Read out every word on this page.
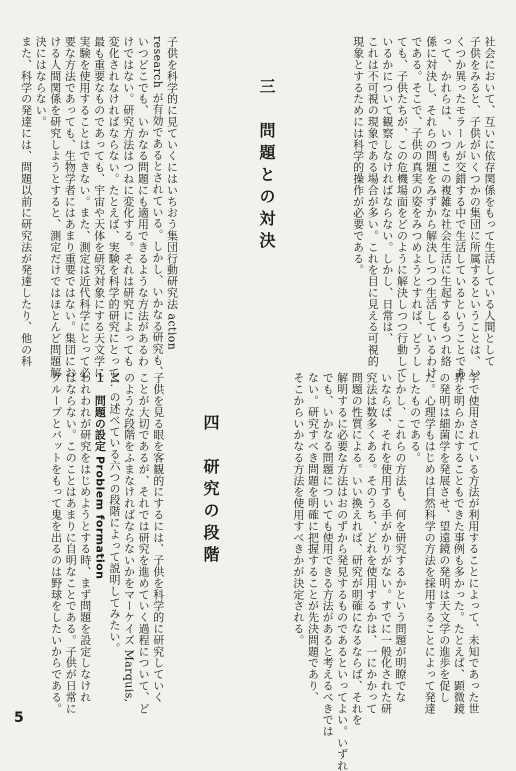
社会において、互いに依存関係をもって生活している人間として

子供をみると、子供がいくつかの集団に所属するということは、い

くつか異ったモラールが交錯する中で生活しているということであ

って、かれらは、いつもこの複雑な社会生活に生起するもつれ絡

係に対決し、それらの問題をみずから解決しつつ生活しているわけ

である。そこで、子供の真実の姿をみつめようとすれば、どうし

ても、子供たちが、この危機場面をどのように解決しつつ行動して

いるかについて観察しなければならない。しかし、日常は、

これは不可視の現象である場合が多い。これを目に見える可視的

現象とするためには科学的操作が必要である。

三　問題との対決

子供を科学的に見ていくにはいちおう集団行動研究法 action

research が有効であるとされている。しかし、いかなる研究も、

いつどこでも、いかなる問題にも適用できるような方法があるわ

けではない。研究方法はつねに変化する。それは研究によっても

変化されなければならない。たとえば、実験を科学的研究にとって

最も重要なものであっても、宇宙や天体を研究対象にする天文学に

実験を使用することはできない。また、測定は近代科学にとって必

要な方法であっても、生物学者にはあまり重要ではない。集団にお

ける人間関係を研究しようとすると、測定だけではほとんど問題解

決にはならない。

また、科学の発達には、問題以前に研究法が発達したり、他の科

学で使用されている方法が利用することによって、未知であった世

界を明らかにすることもできた事例も多かった。たとえば、顕微鏡

の発明は細菌学を発展させ、望遠鏡の発明は天文学の進歩を促し

た。心理学もはじめは自然科学の方法を採用することによって発達

したものである。

しかし、これらの方法も、何を研究するかという問題が明瞭でな

いならば、それを使用する手がかりがない。すでに一般化された研

究法は数多くある。そのうち、どれを使用するかは、一にかかって

問題の性質による。いい換えれば、研究が明確になるならば、それを

解明するに必要な方法はおのずから発見するものであるといってよい。いずれ

でも、いかなる問題についても使用できる方法があると考えるべきでは

ない。研究すべき問題を明確に把握することが先決問題であり、

そこからいかなる方法を使用すべきかが決定される。

四　研究の段階

子供を見る眼を客観的にするには、子供を科学的に研究していく

ことが大切であるが、それでは研究を進めていく過程について、ど

のような段階をふまなければならないかをマーケイズ Marquis,

M. の述べている六つの段階によって説明してみたい。

１　問題の設定 Problem formation

われわれが研究をはじめようとする時、まず問題を設定しなけれ

ばならない。このことはあまりに自明なことである。子供が日常に

グループとバットをもって鬼を出るのは野球をしたいからである。

5
